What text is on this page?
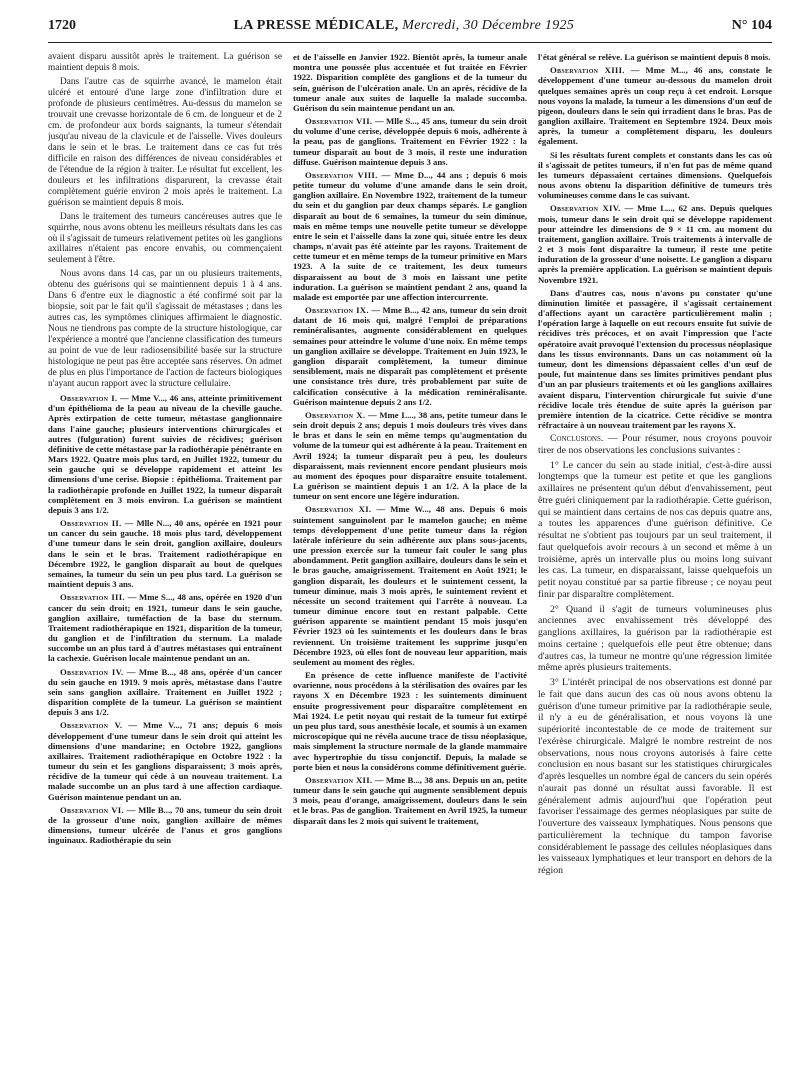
1720	LA PRESSE MÉDICALE, Mercredi, 30 Décembre 1925	N° 104

avaient disparu aussitôt après le traitement. La guérison se maintient depuis 8 mois.

Dans l'autre cas de squirrhe avancé, le mamelon était ulcéré et entouré d'une large zone d'infiltration dure et profonde de plusieurs centimètres. Au-dessus du mamelon se trouvait une crevasse horizontale de 6 cm. de longueur et de 2 cm. de profondeur aux bords saignants, la tumeur s'étendait jusqu'au niveau de la clavicule et de l'aisselle. Vives douleurs dans le sein et le bras. Le traitement dans ce cas fut très difficile en raison des différences de niveau considérables et de l'étendue de la région à traiter. Le résultat fut excellent, les douleurs et les infiltrations disparurent, la crevasse était complètement guérie environ 2 mois après le traitement. La guérison se maintient depuis 8 mois.

Dans le traitement des tumeurs cancéreuses autres que le squirrhe, nous avons obtenu les meilleurs résultats dans les cas où il s'agissait de tumeurs relativement petites où les ganglions axillaires n'étaient pas encore envahis, ou commençaient seulement à l'être.

Nous avons dans 14 cas, par un ou plusieurs traitements, obtenu des guérisons qui se maintiennent depuis 1 à 4 ans. Dans 6 d'entre eux le diagnostic a été confirmé soit par la biopsie, soit par le fait qu'il s'agissait de métastases ; dans les autres cas, les symptômes cliniques affirmaient le diagnostic. Nous ne tiendrons pas compte de la structure histologique, car l'expérience a montré que l'ancienne classification des tumeurs au point de vue de leur radiosensibilité basée sur la structure histologique ne peut pas être acceptée sans réserves. On admet de plus en plus l'importance de l'action de facteurs biologiques n'ayant aucun rapport avec la structure cellulaire.

Observation I. — Mme V..., 46 ans, atteinte primitivement d'un épithélioma de la peau au niveau de la cheville gauche. Après extirpation de cette tumeur, métastase ganglionnaire dans l'aine gauche; plusieurs interventions chirurgicales et autres (fulguration) furent suivies de récidives; guérison définitive de cette métastase par la radiothérapie pénétrante en Mars 1922. Quatre mois plus tard, en Juillet 1922, tumeur du sein gauche qui se développe rapidement et atteint les dimensions d'une cerise. Biopsie : épithélioma. Traitement par la radiothérapie profonde en Juillet 1922, la tumeur disparaît complètement en 3 mois environ. La guérison se maintient depuis 3 ans 1/2.

Observation II. — Mlle N..., 40 ans, opérée en 1921 pour un cancer du sein gauche. 18 mois plus tard, développement d'une tumeur dans le sein droit, ganglion axillaire, douleurs dans le sein et le bras. Traitement radiothérapique en Décembre 1922, le ganglion disparaît au bout de quelques semaines, la tumeur du sein un peu plus tard. La guérison se maintient depuis 3 ans.

Observation III. — Mme S..., 48 ans, opérée en 1920 d'un cancer du sein droit; en 1921, tumeur dans le sein gauche, ganglion axillaire, tuméfaction de la base du sternum. Traitement radiothérapique en 1921, disparition de la tumeur, du ganglion et de l'infiltration du sternum. La malade succombe un an plus tard à d'autres métastases qui entraînent la cachexie. Guérison locale maintenue pendant un an.

Observation IV. — Mme B..., 48 ans, opérée d'un cancer du sein gauche en 1919. 9 mois après, métastase dans l'autre sein sans ganglion axillaire. Traitement en Juillet 1922 ; disparition complète de la tumeur. La guérison se maintient depuis 3 ans 1/2.

Observation V. — Mme V..., 71 ans; depuis 6 mois développement d'une tumeur dans le sein droit qui atteint les dimensions d'une mandarine; en Octobre 1922, ganglions axillaires. Traitement radiothérapique en Octobre 1922 : la tumeur du sein et les ganglions disparaissent; 3 mois après, récidive de la tumeur qui cède à un nouveau traitement. La malade succombe un an plus tard à une affection cardiaque. Guérison maintenue pendant un an.

Observation VI. — Mlle B..., 70 ans, tumeur du sein droit de la grosseur d'une noix, ganglion axillaire de mêmes dimensions, tumeur ulcérée de l'anus et gros ganglions inguinaux. Radiothérapie du sein

et de l'aisselle en Janvier 1922. Bientôt après, la tumeur anale montra une poussée plus accentuée et fut traitée en Février 1922. Disparition complète des ganglions et de la tumeur du sein, guérison de l'ulcération anale. Un an après, récidive de la tumeur anale aux suites de laquelle la malade succomba. Guérison du sein maintenue pendant un an.

Observation VII. — Mlle S..., 45 ans, tumeur du sein droit du volume d'une cerise, développée depuis 6 mois, adhérente à la peau, pas de ganglions. Traitement en Février 1922 : la tumeur disparaît au bout de 3 mois, il reste une induration diffuse. Guérison maintenue depuis 3 ans.

Observation VIII. — Mme D..., 44 ans ; depuis 6 mois petite tumeur du volume d'une amande dans le sein droit, ganglion axillaire. En Novembre 1922, traitement de la tumeur du sein et du ganglion par deux champs séparés. Le ganglion disparaît au bout de 6 semaines, la tumeur du sein diminue, mais en même temps une nouvelle petite tumeur se développe entre le sein et l'aisselle dans la zone qui, située entre les deux champs, n'avait pas été atteinte par les rayons. Traitement de cette tumeur et en même temps de la tumeur primitive en Mars 1923. A la suite de ce traitement, les deux tumeurs disparaissent au bout de 3 mois en laissant une petite induration. La guérison se maintient pendant 2 ans, quand la malade est emportée par une affection intercurrente.

Observation IX. — Mme B..., 42 ans, tumeur du sein droit datant de 16 mois qui, malgré l'emploi de préparations reminéralisantes, augmente considérablement en quelques semaines pour atteindre le volume d'une noix. En même temps un ganglion axillaire se développe. Traitement en Juin 1923, le ganglion disparaît complètement, la tumeur diminue sensiblement, mais ne disparaît pas complètement et présente une consistance très dure, très probablement par suite de calcification consécutive à la médication reminéralisante. Guérison maintenue depuis 2 ans 1/2.

Observation X. — Mme L..., 38 ans, petite tumeur dans le sein droit depuis 2 ans; depuis 1 mois douleurs très vives dans le bras et dans le sein en même temps qu'augmentation du volume de la tumeur qui est adhérente à la peau. Traitement en Avril 1924; la tumeur disparaît peu à peu, les douleurs disparaissent, mais reviennent encore pendant plusieurs mois au moment des époques pour disparaître ensuite totalement. La guérison se maintient depuis 1 an 1/2. A la place de la tumeur on sent encore une légère induration.

Observation XI. — Mme W..., 48 ans. Depuis 6 mois suintement sanguinolent par le mamelon gauche; en même temps développement d'une petite tumeur dans la région latérale inférieure du sein adhérente aux plans sous-jacents, une pression exercée sur la tumeur fait couler le sang plus abondamment. Petit ganglion axillaire, douleurs dans le sein et le bras gauche, amaigrissement. Traitement en Août 1921; le ganglion disparaît, les douleurs et le suintement cessent, la tumeur diminue, mais 3 mois après, le suintement revient et nécessite un second traitement qui l'arrête à nouveau. La tumeur diminue encore tout en restant palpable. Cette guérison apparente se maintient pendant 15 mois jusqu'en Février 1923 où les suintements et les douleurs dans le bras reviennent. Un troisième traitement les supprime jusqu'en Décembre 1923, où elles font de nouveau leur apparition, mais seulement au moment des règles.

En présence de cette influence manifeste de l'activité ovarienne, nous procédons à la stérilisation des ovaires par les rayons X en Décembre 1923 : les suintements diminuent ensuite progressivement pour disparaître complètement en Mai 1924. Le petit noyau qui restait de la tumeur fut extirpé un peu plus tard, sous anesthésie locale, et soumis à un examen microscopique qui ne révéla aucune trace de tissu néoplasique, mais simplement la structure normale de la glande mammaire avec hypertrophie du tissu conjonctif. Depuis, la malade se porte bien et nous la considérons comme définitivement guérie.

Observation XII. — Mme B..., 38 ans. Depuis un an, petite tumeur dans le sein gauche qui augmente sensiblement depuis 3 mois, peau d'orange, amaigrissement, douleurs dans le sein et le bras. Pas de ganglion. Traitement en Avril 1925, la tumeur disparaît dans les 2 mois qui suivent le traitement,

l'état général se relève. La guérison se maintient depuis 8 mois.

Observation XIII. — Mme M..., 46 ans, constate le développement d'une tumeur au-dessous du mamelon droit quelques semaines après un coup reçu à cet endroit. Lorsque nous voyons la malade, la tumeur a les dimensions d'un œuf de pigeon, douleurs dans le sein qui irradient dans le bras. Pas de ganglion axillaire. Traitement en Septembre 1924. Deux mois après, la tumeur a complètement disparu, les douleurs également.

Si les résultats furent complets et constants dans les cas où il s'agissait de petites tumeurs, il n'en fut pas de même quand les tumeurs dépassaient certaines dimensions. Quelquefois nous avons obtenu la disparition définitive de tumeurs très volumineuses comme dans le cas suivant.

Observation XIV. — Mme L..., 62 ans. Depuis quelques mois, tumeur dans le sein droit qui se développe rapidement pour atteindre les dimensions de 9 × 11 cm. au moment du traitement, ganglion axillaire. Trois traitements à intervalle de 2 et 3 mois font disparaître la tumeur, il reste une petite induration de la grosseur d'une noisette. Le ganglion a disparu après la première application. La guérison se maintient depuis Novembre 1921.

Dans d'autres cas, nous n'avons pu constater qu'une diminution limitée et passagère, il s'agissait certainement d'affections ayant un caractère particulièrement malin ; l'opération large à laquelle on eut recours ensuite fut suivie de récidives très précoces, et on avait l'impression que l'acte opératoire avait provoqué l'extension du processus néoplasique dans les tissus environnants. Dans un cas notamment où la tumeur, dont les dimensions dépassaient celles d'un œuf de poule, fut maintenue dans ses limites primitives pendant plus d'un an par plusieurs traitements et où les ganglions axillaires avaient disparu, l'intervention chirurgicale fut suivie d'une récidive locale très étendue de suite après la guérison par première intention de la cicatrice. Cette récidive se montra réfractaire à un nouveau traitement par les rayons X.

Conclusions. — Pour résumer, nous croyons pouvoir tirer de nos observations les conclusions suivantes :

1° Le cancer du sein au stade initial, c'est-à-dire aussi longtemps que la tumeur est petite et que les ganglions axillaires ne présentent qu'un début d'envahissement, peut être guéri cliniquement par la radiothérapie. Cette guérison, qui se maintient dans certains de nos cas depuis quatre ans, a toutes les apparences d'une guérison définitive. Ce résultat ne s'obtient pas toujours par un seul traitement, il faut quelquefois avoir recours à un second et même à un troisième, après un intervalle plus ou moins long suivant les cas. La tumeur, en disparaissant, laisse quelquefois un petit noyau constitué par sa partie fibreuse ; ce noyau peut finir par disparaître complètement.

2° Quand il s'agit de tumeurs volumineuses plus anciennes avec envahissement très développé des ganglions axillaires, la guérison par la radiothérapie est moins certaine ; quelquefois elle peut être obtenue; dans d'autres cas, la tumeur ne montre qu'une régression limitée même après plusieurs traitements.

3° L'intérêt principal de nos observations est donné par le fait que dans aucun des cas où nous avons obtenu la guérison d'une tumeur primitive par la radiothérapie seule, il n'y a eu de généralisation, et nous voyons là une supériorité incontestable de ce mode de traitement sur l'exérèse chirurgicale. Malgré le nombre restreint de nos observations, nous nous croyons autorisés à faire cette conclusion en nous basant sur les statistiques chirurgicales d'après lesquelles un nombre égal de cancers du sein opérés n'aurait pas donné un résultat aussi favorable. Il est généralement admis aujourd'hui que l'opération peut favoriser l'essaimage des germes néoplasiques par suite de l'ouverture des vaisseaux lymphatiques. Nous pensons que particulièrement la technique du tampon favorise considérablement le passage des cellules néoplasiques dans les vaisseaux lymphatiques et leur transport en dehors de la région
